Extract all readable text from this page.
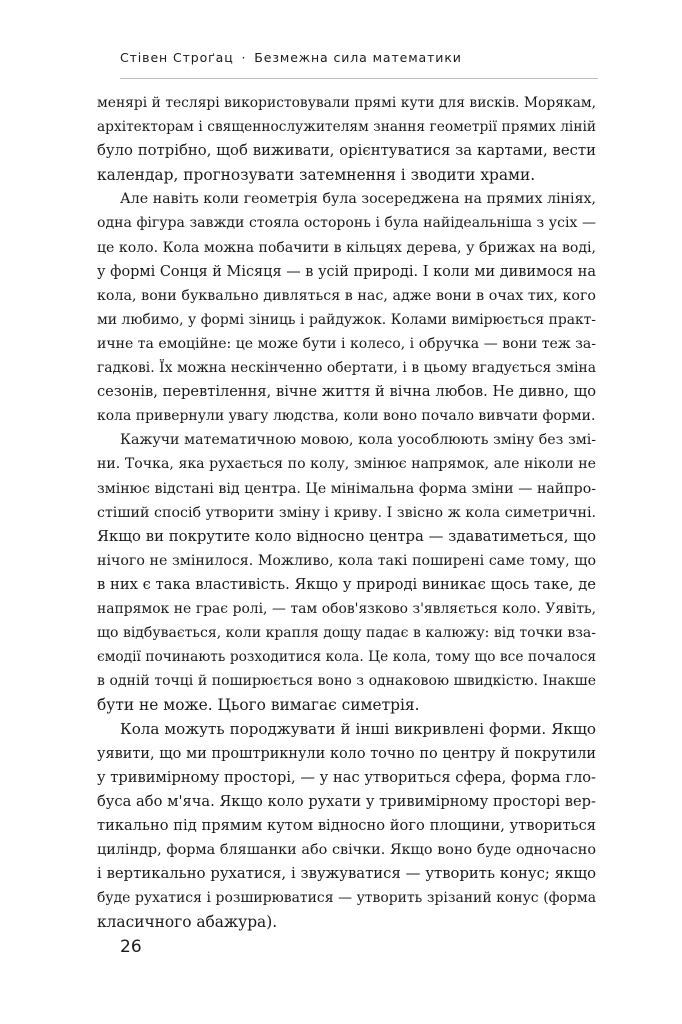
Стівен Строґац · Безмежна сила математики

менярі й теслярі використовували прямі кути для висків. Морякам,
архітекторам і священнослужителям знання геометрії прямих ліній
було потрібно, щоб виживати, орієнтуватися за картами, вести
календар, прогнозувати затемнення і зводити храми.

Але навіть коли геометрія була зосереджена на прямих лініях,
одна фігура завжди стояла осторонь і була найідеальніша з усіх —
це коло. Кола можна побачити в кільцях дерева, у брижах на воді,
у формі Сонця й Місяця — в усій природі. І коли ми дивимося на
кола, вони буквально дивляться в нас, адже вони в очах тих, кого
ми любимо, у формі зіниць і райдужок. Колами вимірюється практ-
ичне та емоційне: це може бути і колесо, і обручка — вони теж за-
гадкові. Їх можна нескінченно обертати, і в цьому вгадується зміна
сезонів, перевтілення, вічне життя й вічна любов. Не дивно, що
кола привернули увагу людства, коли воно почало вивчати форми.

Кажучи математичною мовою, кола уособлюють зміну без змі-
ни. Точка, яка рухається по колу, змінює напрямок, але ніколи не
змінює відстані від центра. Це мінімальна форма зміни — найпро-
стіший спосіб утворити зміну і криву. І звісно ж кола симетричні.
Якщо ви покрутите коло відносно центра — здаватиметься, що
нічого не змінилося. Можливо, кола такі поширені саме тому, що
в них є така властивість. Якщо у природі виникає щось таке, де
напрямок не грає ролі, — там обов'язково з'являється коло. Уявіть,
що відбувається, коли крапля дощу падає в калюжу: від точки вза-
ємодії починають розходитися кола. Це кола, тому що все почалося
в одній точці й поширюється воно з однаковою швидкістю. Інакше
бути не може. Цього вимагає симетрія.

Кола можуть породжувати й інші викривлені форми. Якщо
уявити, що ми проштрикнули коло точно по центру й покрутили
у тривимірному просторі, — у нас утвориться сфера, форма гло-
буса або м'яча. Якщо коло рухати у тривимірному просторі вер-
тикально під прямим кутом відносно його площини, утвориться
циліндр, форма бляшанки або свічки. Якщо воно буде одночасно
і вертикально рухатися, і звужуватися — утворить конус; якщо
буде рухатися і розширюватися — утворить зрізаний конус (форма
класичного абажура).

26
